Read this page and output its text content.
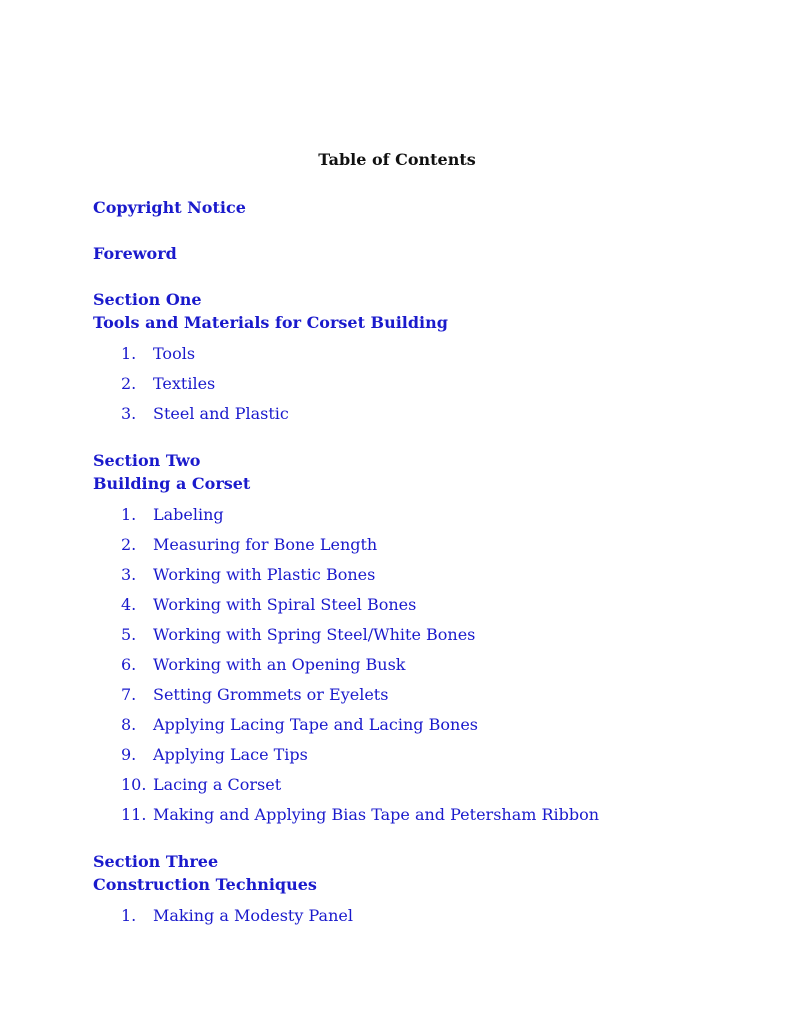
Table of Contents
Copyright Notice
Foreword
Section One
Tools and Materials for Corset Building
1.	Tools
2.	Textiles
3.	Steel and Plastic
Section Two
Building a Corset
1.	Labeling
2.	Measuring for Bone Length
3.	Working with Plastic Bones
4.	Working with Spiral Steel Bones
5.	Working with Spring Steel/White Bones
6.	Working with an Opening Busk
7.	Setting Grommets or Eyelets
8.	Applying Lacing Tape and Lacing Bones
9.	Applying Lace Tips
10. Lacing a Corset
11. Making and Applying Bias Tape and Petersham Ribbon
Section Three
Construction Techniques
1.	Making a Modesty Panel
